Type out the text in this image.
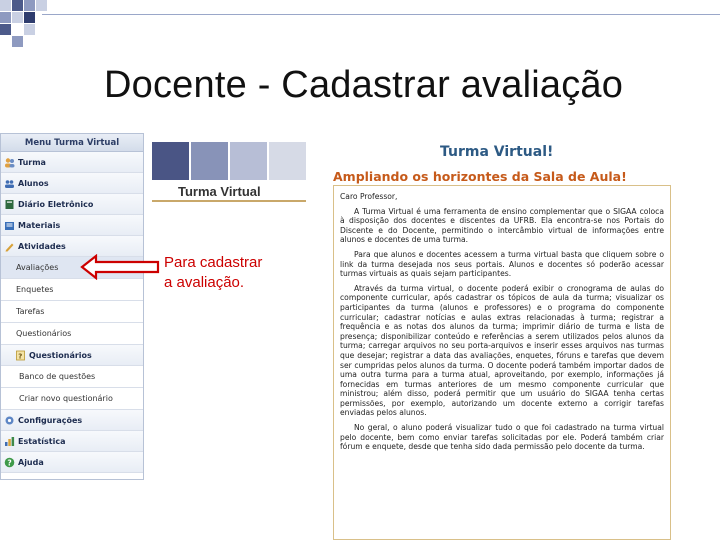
Docente - Cadastrar avaliação
Menu Turma Virtual
Turma
Alunos
Diário Eletrônico
Materiais
Atividades
Avaliações
Enquetes
Tarefas
Questionários
? Questionários
Banco de questões
Criar novo questionário
Configurações
Estatística
? Ajuda
Turma Virtual
Para cadastrar
a avaliação.
Turma Virtual!
Ampliando os horizontes da Sala de Aula!

Caro Professor,

A Turma Virtual é uma ferramenta de ensino complementar que o SIGAA coloca à disposição dos docentes e discentes da UFRB. Ela encontra-se nos Portais do Discente e do Docente, permitindo o intercâmbio virtual de informações entre alunos e docentes de uma turma.

Para que alunos e docentes acessem a turma virtual basta que cliquem sobre o link da turma desejada nos seus portais. Alunos e docentes só poderão acessar turmas virtuais as quais sejam participantes.

Através da turma virtual, o docente poderá exibir o cronograma de aulas do componente curricular, após cadastrar os tópicos de aula da turma; visualizar os participantes da turma (alunos e professores) e o programa do componente curricular; cadastrar notícias e aulas extras relacionadas à turma; registrar a frequência e as notas dos alunos da turma; imprimir diário de turma e lista de presença; disponibilizar conteúdo e referências a serem utilizados pelos alunos da turma; carregar arquivos no seu porta-arquivos e inserir esses arquivos nas turmas que desejar; registrar a data das avaliações, enquetes, fóruns e tarefas que devem ser cumpridas pelos alunos da turma. O docente poderá também importar dados de uma outra turma para a turma atual, aproveitando, por exemplo, informações já fornecidas em turmas anteriores de um mesmo componente curricular que ministrou; além disso, poderá permitir que um usuário do SIGAA tenha certas permissões, por exemplo, autorizando um docente externo a corrigir tarefas enviadas pelos alunos.

No geral, o aluno poderá visualizar tudo o que foi cadastrado na turma virtual pelo docente, bem como enviar tarefas solicitadas por ele. Poderá também criar fórum e enquete, desde que tenha sido dada permissão pelo docente da turma.
